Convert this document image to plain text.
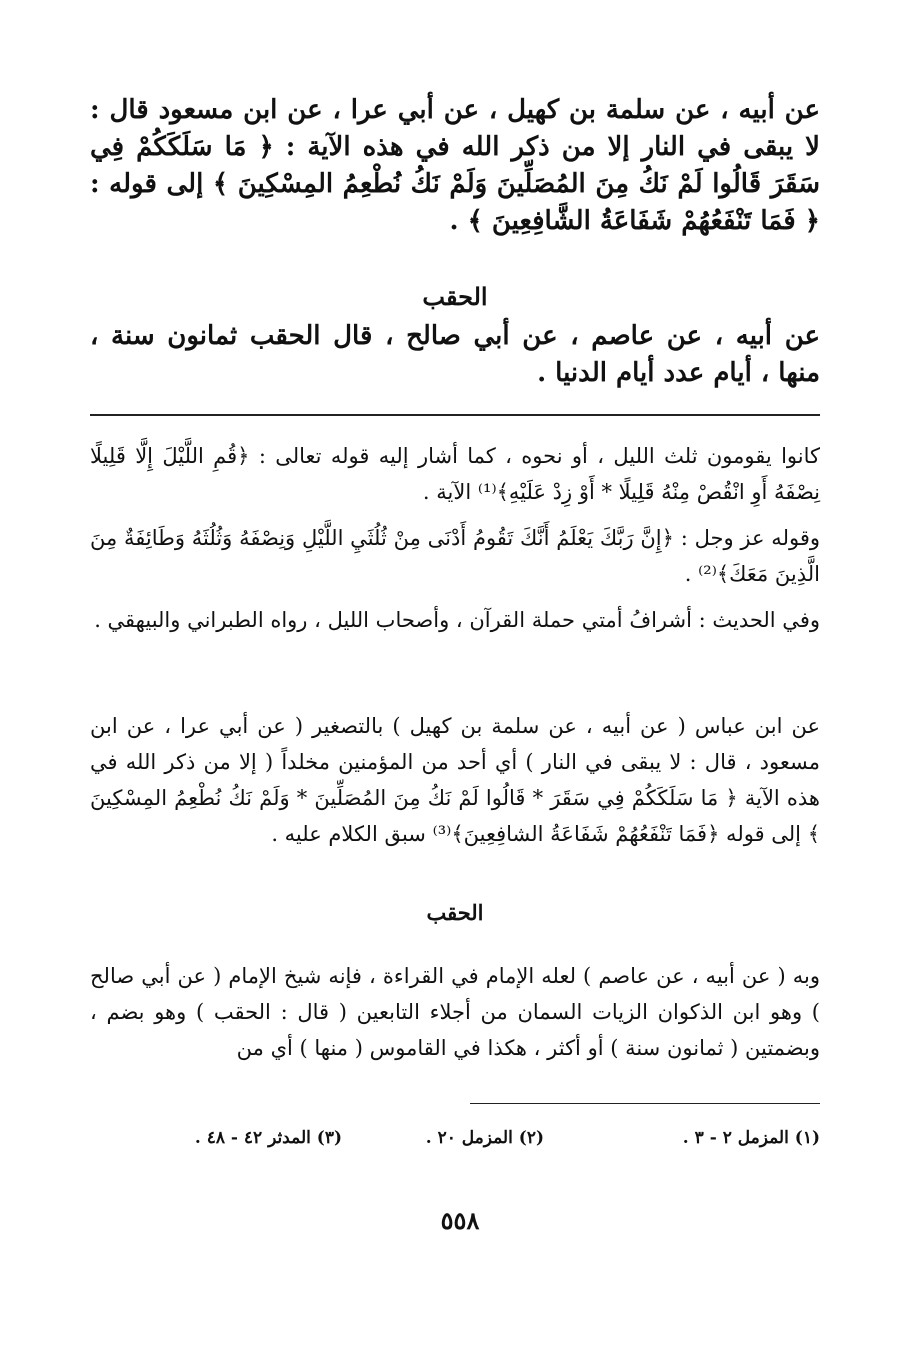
عن أبيه ، عن سلمة بن كهيل ، عن أبي عرا ، عن ابن مسعود قال : لا يبقى في النار إلا من ذكر الله في هذه الآية : ﴿ مَا سَلَكَكُمْ فِي سَقَرَ قَالُوا لَمْ نَكُ مِنَ المُصَلِّينَ وَلَمْ نَكُ نُطْعِمُ المِسْكِينَ ﴾ إلى قوله : ﴿ فَمَا تَنْفَعُهُمْ شَفَاعَةُ الشَّافِعِينَ ﴾ .

الحقب

عن أبيه ، عن عاصم ، عن أبي صالح ، قال الحقب ثمانون سنة ، منها ، أيام عدد أيام الدنيا .

كانوا يقومون ثلث الليل ، أو نحوه ، كما أشار إليه قوله تعالى : ﴿قُمِ اللَّيْلَ إِلَّا قَلِيلًا نِصْفَهُ أَوِ انْقُصْ مِنْهُ قَلِيلًا * أَوْ زِدْ عَلَيْهِ﴾⁽¹⁾ الآية .

وقوله عز وجل : ﴿إِنَّ رَبَّكَ يَعْلَمُ أَنَّكَ تَقُومُ أَدْنَى مِنْ ثُلُثَيِ اللَّيْلِ وَنِصْفَهُ وَثُلُثَهُ وَطَائِفَةٌ مِنَ الَّذِينَ مَعَكَ﴾⁽²⁾ .

وفي الحديث : أشرافُ أمتي حملة القرآن ، وأصحاب الليل ، رواه الطبراني والبيهقي .

عن ابن عباس ( عن أبيه ، عن سلمة بن كهيل ) بالتصغير ( عن أبي عرا ، عن ابن مسعود ، قال : لا يبقى في النار ) أي أحد من المؤمنين مخلداً ( إلا من ذكر الله في هذه الآية ﴿ مَا سَلَكَكُمْ فِي سَقَرَ * قَالُوا لَمْ نَكُ مِنَ المُصَلِّينَ * وَلَمْ نَكُ نُطْعِمُ المِسْكِينَ ﴾ إلى قوله ﴿فَمَا تَنْفَعُهُمْ شَفَاعَةُ الشافِعِينَ﴾⁽³⁾ سبق الكلام عليه .

الحقب

وبه ( عن أبيه ، عن عاصم ) لعله الإمام في القراءة ، فإنه شيخ الإمام ( عن أبي صالح ) وهو ابن الذكوان الزيات السمان من أجلاء التابعين ( قال : الحقب ) وهو بضم ، وبضمتين ( ثمانون سنة ) أو أكثر ، هكذا في القاموس ( منها ) أي من

(١) المزمل ٢ - ٣ .
(٢) المزمل ٢٠ .
(٣) المدثر ٤٢ - ٤٨ .
٥٥٨
